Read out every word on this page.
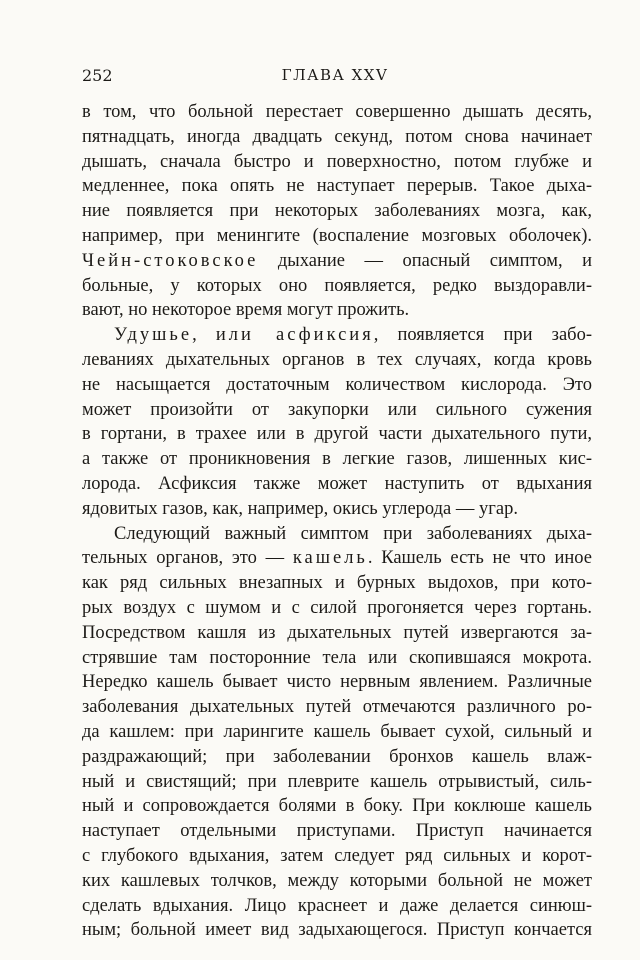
252	ГЛАВА XXV
в том, что больной перестает совершенно дышать десять,
пятнадцать, иногда двадцать секунд, потом снова начинает
дышать, сначала быстро и поверхностно, потом глубже и
медленнее, пока опять не наступает перерыв. Такое дыха-
ние появляется при некоторых заболеваниях мозга, как,
например, при менингите (воспаление мозговых оболочек).
Чейн-стоковское дыхание — опасный симптом, и
больные, у которых оно появляется, редко выздоравли-
вают, но некоторое время могут прожить.
Удушье, или асфиксия, появляется при забо-
леваниях дыхательных органов в тех случаях, когда кровь
не насыщается достаточным количеством кислорода. Это
может произойти от закупорки или сильного сужения
в гортани, в трахее или в другой части дыхательного пути,
а также от проникновения в легкие газов, лишенных кис-
лорода. Асфиксия также может наступить от вдыхания
ядовитых газов, как, например, окись углерода — угар.
Следующий важный симптом при заболеваниях дыха-
тельных органов, это — кашель. Кашель есть не что иное
как ряд сильных внезапных и бурных выдохов, при кото-
рых воздух с шумом и с силой прогоняется через гортань.
Посредством кашля из дыхательных путей извергаются за-
стрявшие там посторонние тела или скопившаяся мокрота.
Нередко кашель бывает чисто нервным явлением. Различные
заболевания дыхательных путей отмечаются различного ро-
да кашлем: при ларингите кашель бывает сухой, сильный и
раздражающий; при заболевании бронхов кашель влаж-
ный и свистящий; при плеврите кашель отрывистый, силь-
ный и сопровождается болями в боку. При коклюше кашель
наступает отдельными приступами. Приступ начинается
с глубокого вдыхания, затем следует ряд сильных и корот-
ких кашлевых толчков, между которыми больной не может
сделать вдыхания. Лицо краснеет и даже делается синюш-
ным; больной имеет вид задыхающегося. Приступ кончается
